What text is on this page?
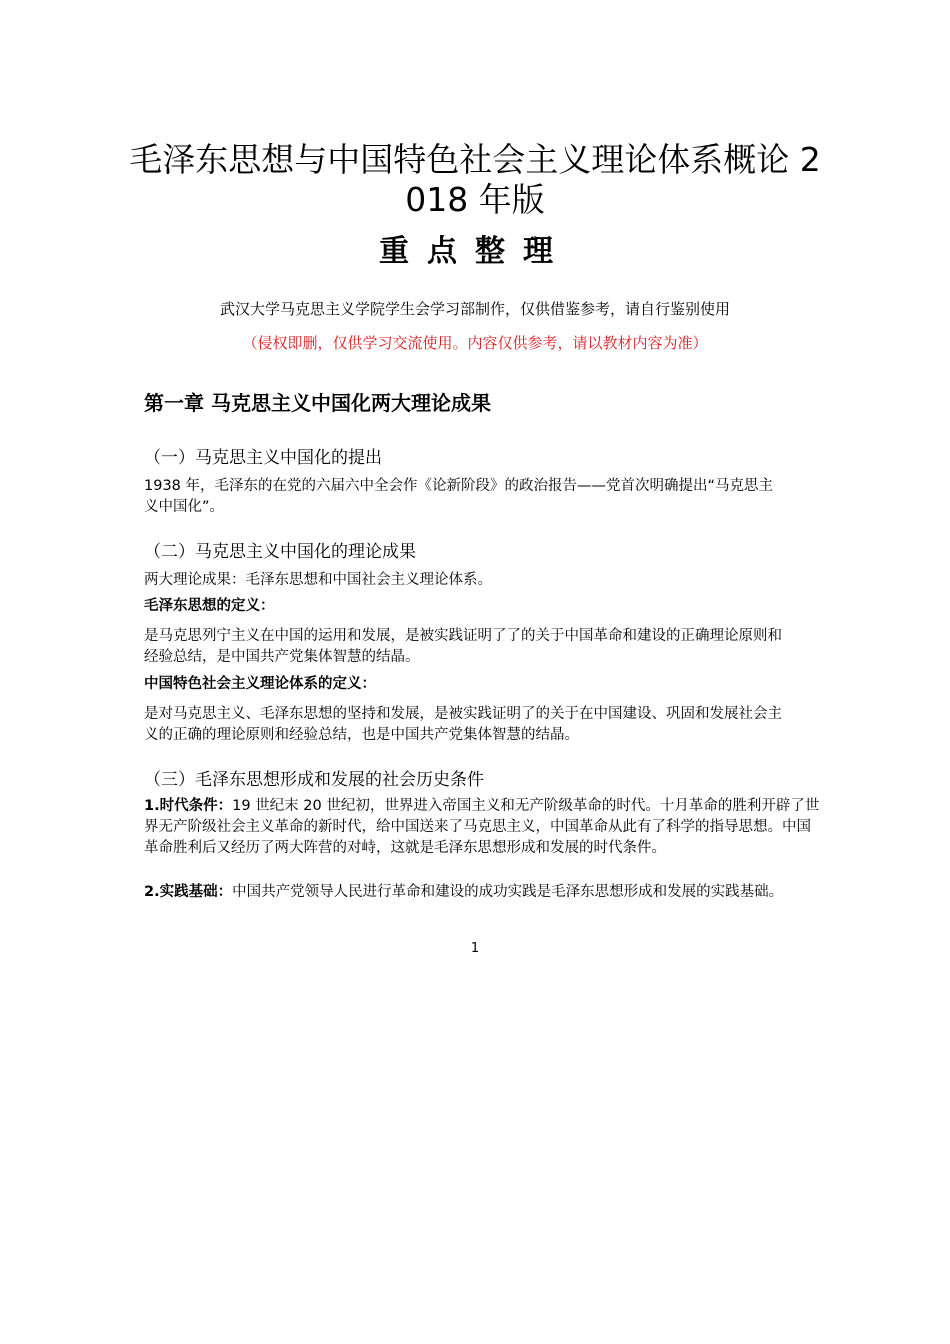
毛泽东思想与中国特色社会主义理论体系概论 2018 年版
重点整理
武汉大学马克思主义学院学生会学习部制作，仅供借鉴参考，请自行鉴别使用
（侵权即删，仅供学习交流使用。内容仅供参考，请以教材内容为准）
第一章 马克思主义中国化两大理论成果
（一）马克思主义中国化的提出
1938 年，毛泽东的在党的六届六中全会作《论新阶段》的政治报告——党首次明确提出“马克思主义中国化”。
（二）马克思主义中国化的理论成果
两大理论成果：毛泽东思想和中国社会主义理论体系。
毛泽东思想的定义：
是马克思列宁主义在中国的运用和发展，是被实践证明了了的关于中国革命和建设的正确理论原则和经验总结，是中国共产党集体智慧的结晶。
中国特色社会主义理论体系的定义：
是对马克思主义、毛泽东思想的坚持和发展，是被实践证明了的关于在中国建设、巩固和发展社会主义的正确的理论原则和经验总结，也是中国共产党集体智慧的结晶。
（三）毛泽东思想形成和发展的社会历史条件
1.时代条件：19 世纪末 20 世纪初，世界进入帝国主义和无产阶级革命的时代。十月革命的胜利开辟了世界无产阶级社会主义革命的新时代，给中国送来了马克思主义，中国革命从此有了科学的指导思想。中国革命胜利后又经历了两大阵营的对峙，这就是毛泽东思想形成和发展的时代条件。
2.实践基础：中国共产党领导人民进行革命和建设的成功实践是毛泽东思想形成和发展的实践基础。
1
